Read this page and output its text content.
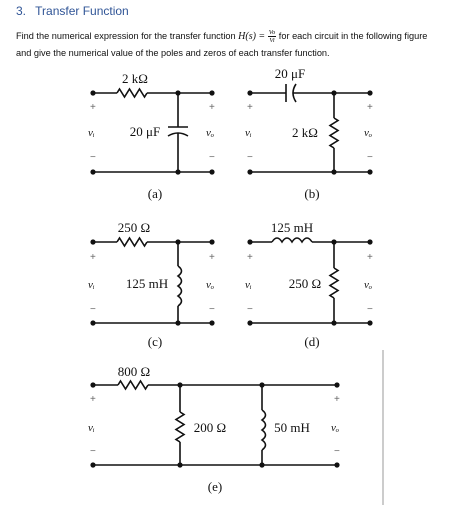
3. Transfer Function
Find the numerical expression for the transfer function $H(s) = \frac{Vo}{Vi}$ for each circuit in the following figure
and give the numerical value of the poles and zeros of each transfer function.
2 kΩ
20 μF
+
vᵢ
−
+
vₒ
−
(a)
20 μF
2 kΩ
+
vᵢ
−
+
vₒ
−
(b)
250 Ω
125 mH
+
vᵢ
−
+
vₒ
−
(c)
125 mH
250 Ω
+
vᵢ
−
+
vₒ
−
(d)
800 Ω
200 Ω	50 mH
+
vᵢ
−
+
vₒ
−
(e)
